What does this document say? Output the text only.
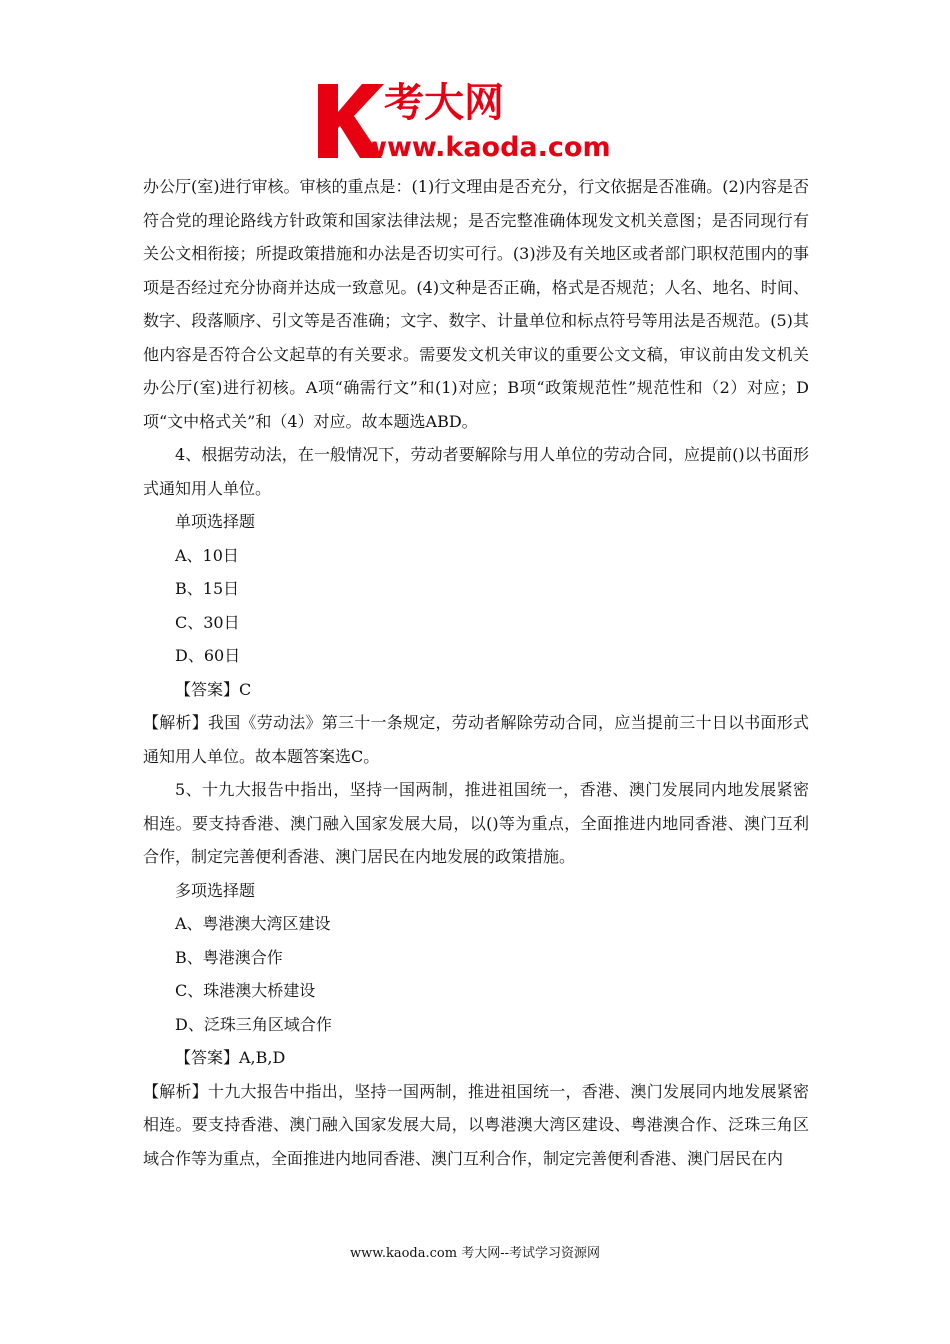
考大网
www.kaoda.com

办公厅(室)进行审核。审核的重点是：(1)行文理由是否充分，行文依据是否准确。(2)内容是否符合党的理论路线方针政策和国家法律法规；是否完整准确体现发文机关意图；是否同现行有关公文相衔接；所提政策措施和办法是否切实可行。(3)涉及有关地区或者部门职权范围内的事项是否经过充分协商并达成一致意见。(4)文种是否正确，格式是否规范；人名、地名、时间、数字、段落顺序、引文等是否准确；文字、数字、计量单位和标点符号等用法是否规范。(5)其他内容是否符合公文起草的有关要求。需要发文机关审议的重要公文文稿，审议前由发文机关办公厅(室)进行初核。A项“确需行文”和(1)对应；B项“政策规范性”规范性和（2）对应；D项“文中格式关”和（4）对应。故本题选ABD。

4、根据劳动法，在一般情况下，劳动者要解除与用人单位的劳动合同，应提前()以书面形式通知用人单位。

单项选择题

A、10日

B、15日

C、30日

D、60日

【答案】C

【解析】我国《劳动法》第三十一条规定，劳动者解除劳动合同，应当提前三十日以书面形式通知用人单位。故本题答案选C。

5、十九大报告中指出，坚持一国两制，推进祖国统一，香港、澳门发展同内地发展紧密相连。要支持香港、澳门融入国家发展大局，以()等为重点，全面推进内地同香港、澳门互利合作，制定完善便利香港、澳门居民在内地发展的政策措施。

多项选择题

A、粤港澳大湾区建设

B、粤港澳合作

C、珠港澳大桥建设

D、泛珠三角区域合作

【答案】A,B,D

【解析】十九大报告中指出，坚持一国两制，推进祖国统一，香港、澳门发展同内地发展紧密相连。要支持香港、澳门融入国家发展大局，以粤港澳大湾区建设、粤港澳合作、泛珠三角区域合作等为重点，全面推进内地同香港、澳门互利合作，制定完善便利香港、澳门居民在内

www.kaoda.com 考大网--考试学习资源网
